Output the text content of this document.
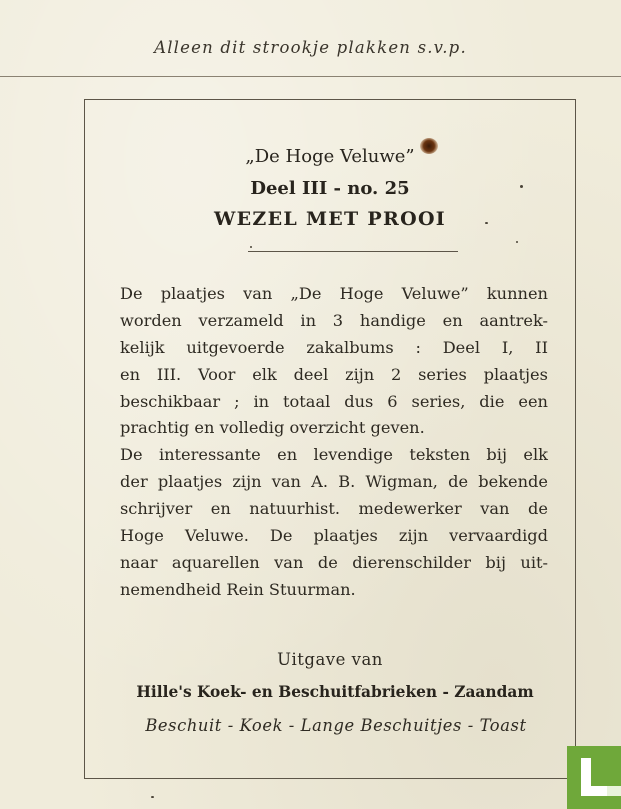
Alleen dit strookje plakken s.v.p.
„De Hoge Veluwe”
Deel III - no. 25
WEZEL MET PROOI
De plaatjes van „De Hoge Veluwe” kunnen
worden verzameld in 3 handige en aantrek-
kelijk uitgevoerde zakalbums : Deel I, II
en III. Voor elk deel zijn 2 series plaatjes
beschikbaar ; in totaal dus 6 series, die een
prachtig en volledig overzicht geven.
De interessante en levendige teksten bij elk
der plaatjes zijn van A. B. Wigman, de bekende
schrijver en natuurhist. medewerker van de
Hoge Veluwe. De plaatjes zijn vervaardigd
naar aquarellen van de dierenschilder bij uit-
nemendheid Rein Stuurman.
Uitgave van
Hille's Koek- en Beschuitfabrieken - Zaandam
Beschuit - Koek - Lange Beschuitjes - Toast
